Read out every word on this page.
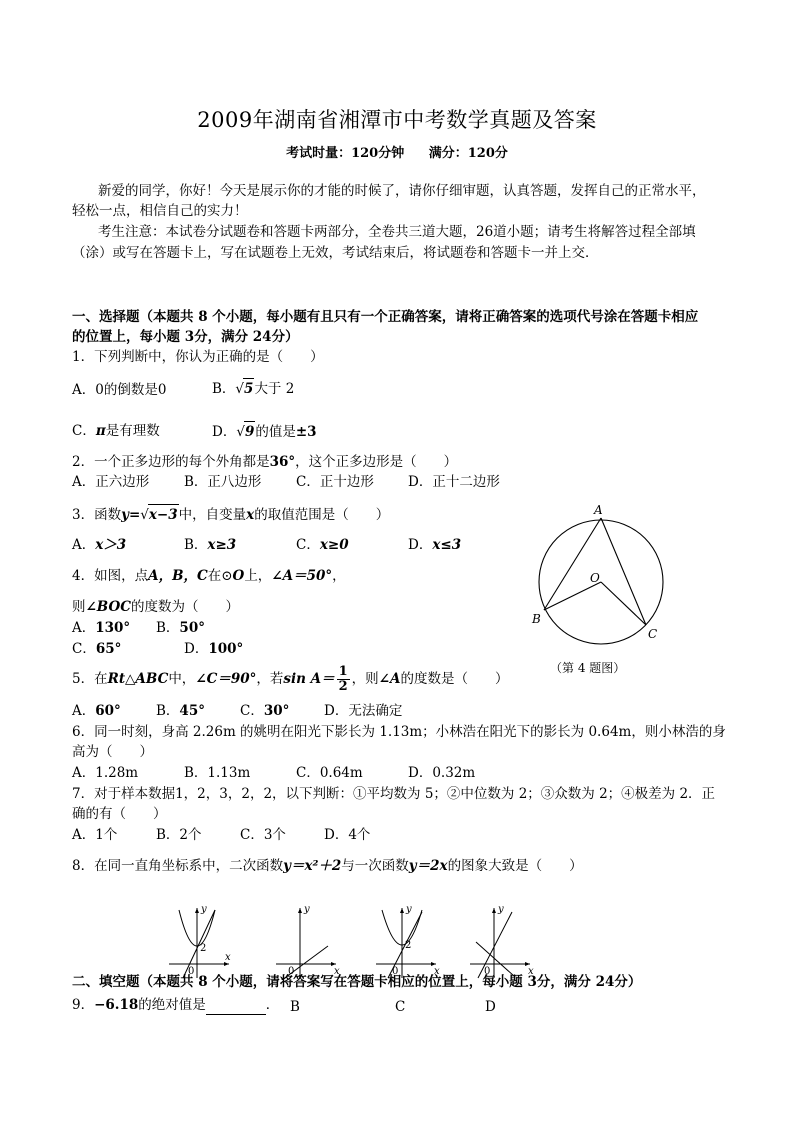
2009年湖南省湘潭市中考数学真题及答案
考试时量：120分钟 满分：120分
新爱的同学，你好！今天是展示你的才能的时候了，请你仔细审题，认真答题，发挥自己的正常水平，
轻松一点，相信自己的实力！
考生注意：本试卷分试题卷和答题卡两部分，全卷共三道大题，26道小题；请考生将解答过程全部填
（涂）或写在答题卡上，写在试题卷上无效，考试结束后，将试题卷和答题卡一并上交．
一、选择题（本题共 8 个小题，每小题有且只有一个正确答案，请将正确答案的选项代号涂在答题卡相应
的位置上，每小题 3分，满分 24分）
1．下列判断中，你认为正确的是（　　）
A．0的倒数是0	B．√5大于 2
C．π是有理数	D．√9的值是±3
2．一个正多边形的每个外角都是36°，这个正多边形是（　　）
A．正六边形	B．正八边形	C．正十边形	D．正十二边形
3．函数y=√x−3中，自变量x的取值范围是（　　）
A．x＞3	B．x≥3	C．x≥0	D．x≤3
4．如图，点A，B，C在⊙O上，∠A＝50°，
则∠BOC的度数为（　　）
A．130° B．50°
C．65°	D．100°
A
B
C
O
（第 4 题图）
5．在Rt△ABC中，∠C＝90°，若$\sin A= \frac{1}{2}$ ，则∠A的度数是（　　）
A．60°	B．45°	C．30°	D．无法确定
6．同一时刻，身高 2.26m 的姚明在阳光下影长为 1.13m；小林浩在阳光下的影长为 0.64m，则小林浩的身
高为（　　）
A．1.28m	B．1.13m	C．0.64m	D．0.32m
7．对于样本数据1，2，3，2，2，以下判断：①平均数为 5；②中位数为 2；③众数为 2；④极差为 2．正
确的有（　　）
A．1个	B．2个	C．3个	D．4个
8．在同一直角坐标系中，二次函数y＝x²＋2与一次函数y＝2x的图象大致是（　　）
y
x
0
2
y
x
0
y
x
0
2
y
x
0
二、填空题（本题共 8 个小题，请将答案写在答题卡相应的位置上，每小题 3分，满分 24分）
9．−6.18的绝对值是	． B	C	D
